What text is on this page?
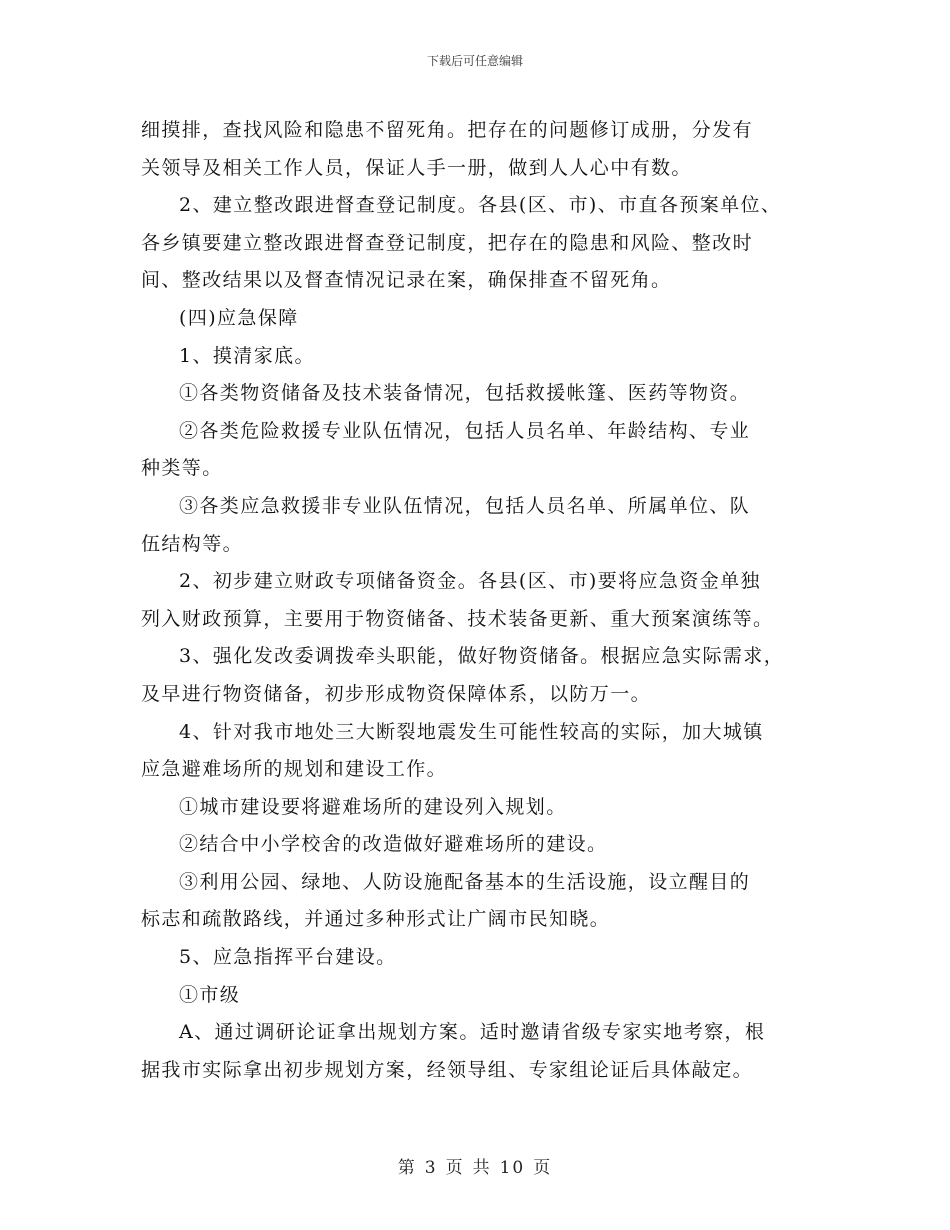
下载后可任意编辑
细摸排，查找风险和隐患不留死角。把存在的问题修订成册，分发有
关领导及相关工作人员，保证人手一册，做到人人心中有数。
2、建立整改跟进督查登记制度。各县(区、市)、市直各预案单位、
各乡镇要建立整改跟进督查登记制度，把存在的隐患和风险、整改时
间、整改结果以及督查情况记录在案，确保排查不留死角。
(四)应急保障
1、摸清家底。
①各类物资储备及技术装备情况，包括救援帐篷、医药等物资。
②各类危险救援专业队伍情况，包括人员名单、年龄结构、专业
种类等。
③各类应急救援非专业队伍情况，包括人员名单、所属单位、队
伍结构等。
2、初步建立财政专项储备资金。各县(区、市)要将应急资金单独
列入财政预算，主要用于物资储备、技术装备更新、重大预案演练等。
3、强化发改委调拨牵头职能，做好物资储备。根据应急实际需求，
及早进行物资储备，初步形成物资保障体系，以防万一。
4、针对我市地处三大断裂地震发生可能性较高的实际，加大城镇
应急避难场所的规划和建设工作。
①城市建设要将避难场所的建设列入规划。
②结合中小学校舍的改造做好避难场所的建设。
③利用公园、绿地、人防设施配备基本的生活设施，设立醒目的
标志和疏散路线，并通过多种形式让广阔市民知晓。
5、应急指挥平台建设。
①市级
A、通过调研论证拿出规划方案。适时邀请省级专家实地考察，根
据我市实际拿出初步规划方案，经领导组、专家组论证后具体敲定。
第 3 页 共 10 页
